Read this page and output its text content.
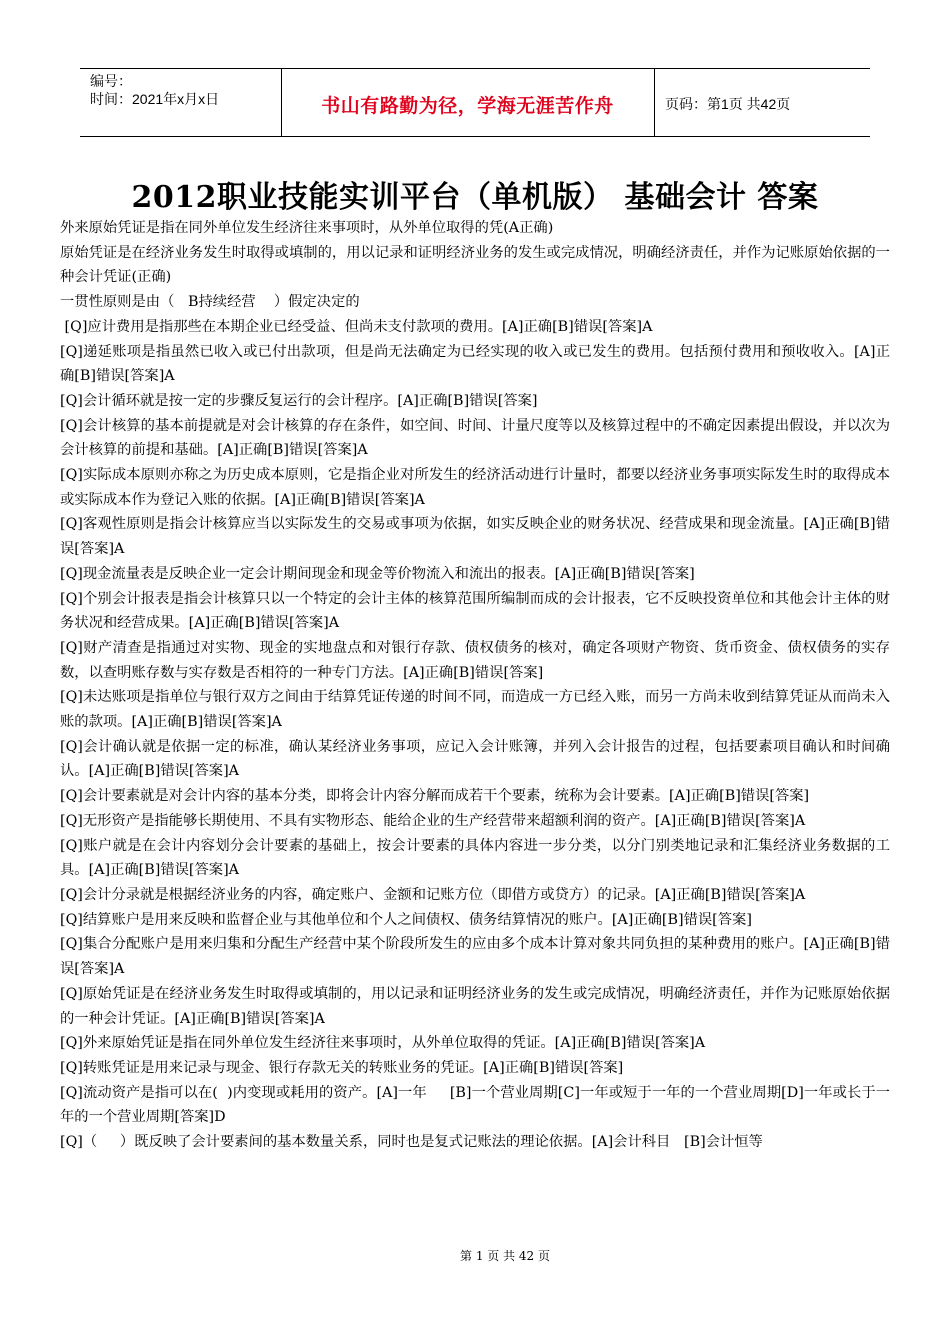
编号：
时间：2021年x月x日	书山有路勤为径，学海无涯苦作舟	页码：第1页 共42页
2012职业技能实训平台（单机版） 基础会计 答案

外来原始凭证是指在同外单位发生经济往来事项时，从外单位取得的凭(A正确)

原始凭证是在经济业务发生时取得或填制的，用以记录和证明经济业务的发生或完成情况，明确经济责任，并作为记账原始依据的一种会计凭证(正确)

一贯性原则是由（   B持续经营    ）假定决定的

[Q]应计费用是指那些在本期企业已经受益、但尚未支付款项的费用。[A]正确[B]错误[答案]A

[Q]递延账项是指虽然已收入或已付出款项，但是尚无法确定为已经实现的收入或已发生的费用。包括预付费用和预收收入。[A]正确[B]错误[答案]A

[Q]会计循环就是按一定的步骤反复运行的会计程序。[A]正确[B]错误[答案]

[Q]会计核算的基本前提就是对会计核算的存在条件，如空间、时间、计量尺度等以及核算过程中的不确定因素提出假设，并以次为会计核算的前提和基础。[A]正确[B]错误[答案]A

[Q]实际成本原则亦称之为历史成本原则，它是指企业对所发生的经济活动进行计量时，都要以经济业务事项实际发生时的取得成本或实际成本作为登记入账的依据。[A]正确[B]错误[答案]A

[Q]客观性原则是指会计核算应当以实际发生的交易或事项为依据，如实反映企业的财务状况、经营成果和现金流量。[A]正确[B]错误[答案]A

[Q]现金流量表是反映企业一定会计期间现金和现金等价物流入和流出的报表。[A]正确[B]错误[答案]

[Q]个别会计报表是指会计核算只以一个特定的会计主体的核算范围所编制而成的会计报表，它不反映投资单位和其他会计主体的财务状况和经营成果。[A]正确[B]错误[答案]A

[Q]财产清查是指通过对实物、现金的实地盘点和对银行存款、债权债务的核对，确定各项财产物资、货币资金、债权债务的实存数，以查明账存数与实存数是否相符的一种专门方法。[A]正确[B]错误[答案]

[Q]未达账项是指单位与银行双方之间由于结算凭证传递的时间不同，而造成一方已经入账，而另一方尚未收到结算凭证从而尚未入账的款项。[A]正确[B]错误[答案]A

[Q]会计确认就是依据一定的标准，确认某经济业务事项，应记入会计账簿，并列入会计报告的过程，包括要素项目确认和时间确认。[A]正确[B]错误[答案]A

[Q]会计要素就是对会计内容的基本分类，即将会计内容分解而成若干个要素，统称为会计要素。[A]正确[B]错误[答案]

[Q]无形资产是指能够长期使用、不具有实物形态、能给企业的生产经营带来超额利润的资产。[A]正确[B]错误[答案]A

[Q]账户就是在会计内容划分会计要素的基础上，按会计要素的具体内容进一步分类，以分门别类地记录和汇集经济业务数据的工具。[A]正确[B]错误[答案]A

[Q]会计分录就是根据经济业务的内容，确定账户、金额和记账方位（即借方或贷方）的记录。[A]正确[B]错误[答案]A

[Q]结算账户是用来反映和监督企业与其他单位和个人之间债权、债务结算情况的账户。[A]正确[B]错误[答案]

[Q]集合分配账户是用来归集和分配生产经营中某个阶段所发生的应由多个成本计算对象共同负担的某种费用的账户。[A]正确[B]错误[答案]A

[Q]原始凭证是在经济业务发生时取得或填制的，用以记录和证明经济业务的发生或完成情况，明确经济责任，并作为记账原始依据的一种会计凭证。[A]正确[B]错误[答案]A

[Q]外来原始凭证是指在同外单位发生经济往来事项时，从外单位取得的凭证。[A]正确[B]错误[答案]A

[Q]转账凭证是用来记录与现金、银行存款无关的转账业务的凭证。[A]正确[B]错误[答案]

[Q]流动资产是指可以在(  )内变现或耗用的资产。[A]一年     [B]一个营业周期[C]一年或短于一年的一个营业周期[D]一年或长于一年的一个营业周期[答案]D

[Q]（     ）既反映了会计要素间的基本数量关系，同时也是复式记账法的理论依据。[A]会计科目   [B]会计恒等

第 1 页 共 42 页
